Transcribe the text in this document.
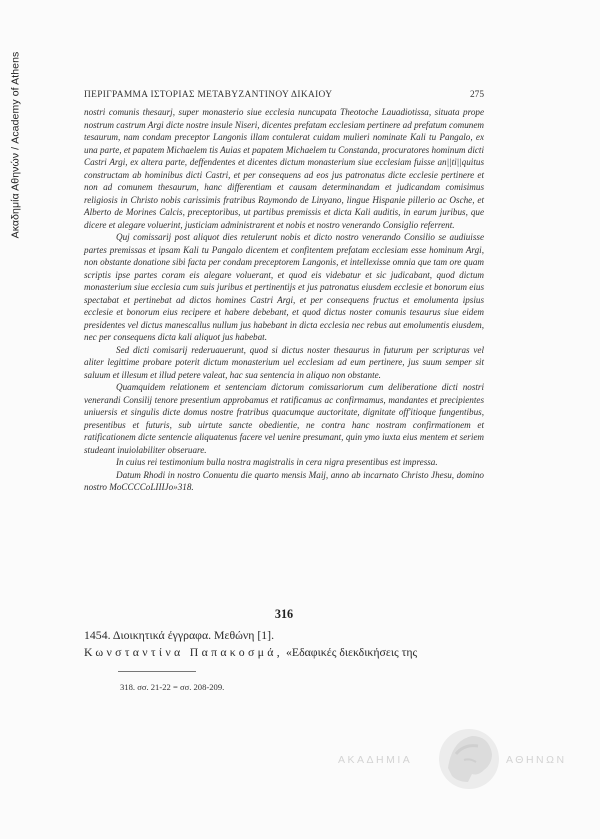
Ακαδημία Αθηνών / Academy of Athens	ΠΕΡΙΓΡΑΜΜΑ ΙΣΤΟΡΙΑΣ ΜΕΤΑΒΥΖΑΝΤΙΝΟΥ ΔΙΚΑΙΟΥ	275

nostri comunis thesaurj, super monasterio siue ecclesia nuncupata Theotoche Lauadiotissa, situata prope nostrum castrum Argi dicte nostre insule Niseri, dicentes prefatam ecclesiam pertinere ad prefatum comunem tesaurum, nam condam preceptor Langonis illam contulerat cuidam mulieri nominate Kali tu Pangalo, ex una parte, et papatem Michaelem tis Auias et papatem Michaelem tu Constanda, procuratores hominum dicti Castri Argi, ex altera parte, deffendentes et dicentes dictum monasterium siue ecclesiam fuisse an||ti||quitus constructam ab hominibus dicti Castri, et per consequens ad eos jus patronatus dicte ecclesie pertinere et non ad comunem thesaurum, hanc differentiam et causam determinandam et judicandam comisimus religiosis in Christo nobis carissimis fratribus Raymondo de Linyano, lingue Hispanie pillerio ac Osche, et Alberto de Morines Calcis, preceptoribus, ut partibus premissis et dicta Kali auditis, in earum juribus, que dicere et alegare voluerint, justiciam administrarent et nobis et nostro venerando Consiglio referrent.

Quj comissarij post aliquot dies retulerunt nobis et dicto nostro venerando Consilio se audiuisse partes premissas et ipsam Kali tu Pangalo dicentem et confitentem prefatam ecclesiam esse hominum Argi, non obstante donatione sibi facta per condam preceptorem Langonis, et intellexisse omnia que tam ore quam scriptis ipse partes coram eis alegare voluerant, et quod eis videbatur et sic judicabant, quod dictum monasterium siue ecclesia cum suis juribus et pertinentijs et jus patronatus eiusdem ecclesie et bonorum eius spectabat et pertinebat ad dictos homines Castri Argi, et per consequens fructus et emolumenta ipsius ecclesie et bonorum eius recipere et habere debebant, et quod dictus noster comunis tesaurus siue eidem presidentes vel dictus manescallus nullum jus habebant in dicta ecclesia nec rebus aut emolumentis eiusdem, nec per consequens dicta kali aliquot jus habebat.

Sed dicti comisarij rederuauerunt, quod si dictus noster thesaurus in futurum per scripturas vel aliter legittime probare poterit dictum monasterium uel ecclesiam ad eum pertinere, jus suum semper sit saluum et illesum et illud petere valeat, hac sua sentencia in aliquo non obstante.

Quamquidem relationem et sentenciam dictorum comissariorum cum deliberatione dicti nostri venerandi Consilij tenore presentium approbamus et ratificamus ac confirmamus, mandantes et precipientes uniuersis et singulis dicte domus nostre fratribus quacumque auctoritate, dignitate off'itioque fungentibus, presentibus et futuris, sub uirtute sancte obedientie, ne contra hanc nostram confirmationem et ratificationem dicte sentencie aliquatenus facere vel uenire presumant, quin ymo iuxta eius mentem et seriem studeant inuiolabiliter obseruare.

In cuius rei testimonium bulla nostra magistralis in cera nigra presentibus est impressa.

Datum Rhodi in nostro Conuentu die quarto mensis Maij, anno ab incarnato Christo Jhesu, domino nostro MoCCCCoLIIIJo»318.

316
1454. Διοικητικά έγγραφα. Μεθώνη [1].
Κωνσταντίνα Παπακοσμά, «Εδαφικές διεκδικήσεις της
318. σσ. 21-22 = σσ. 208-209.
ΑΚΑΔΗΜΙΑ	ΑΘΗΝΩΝ
